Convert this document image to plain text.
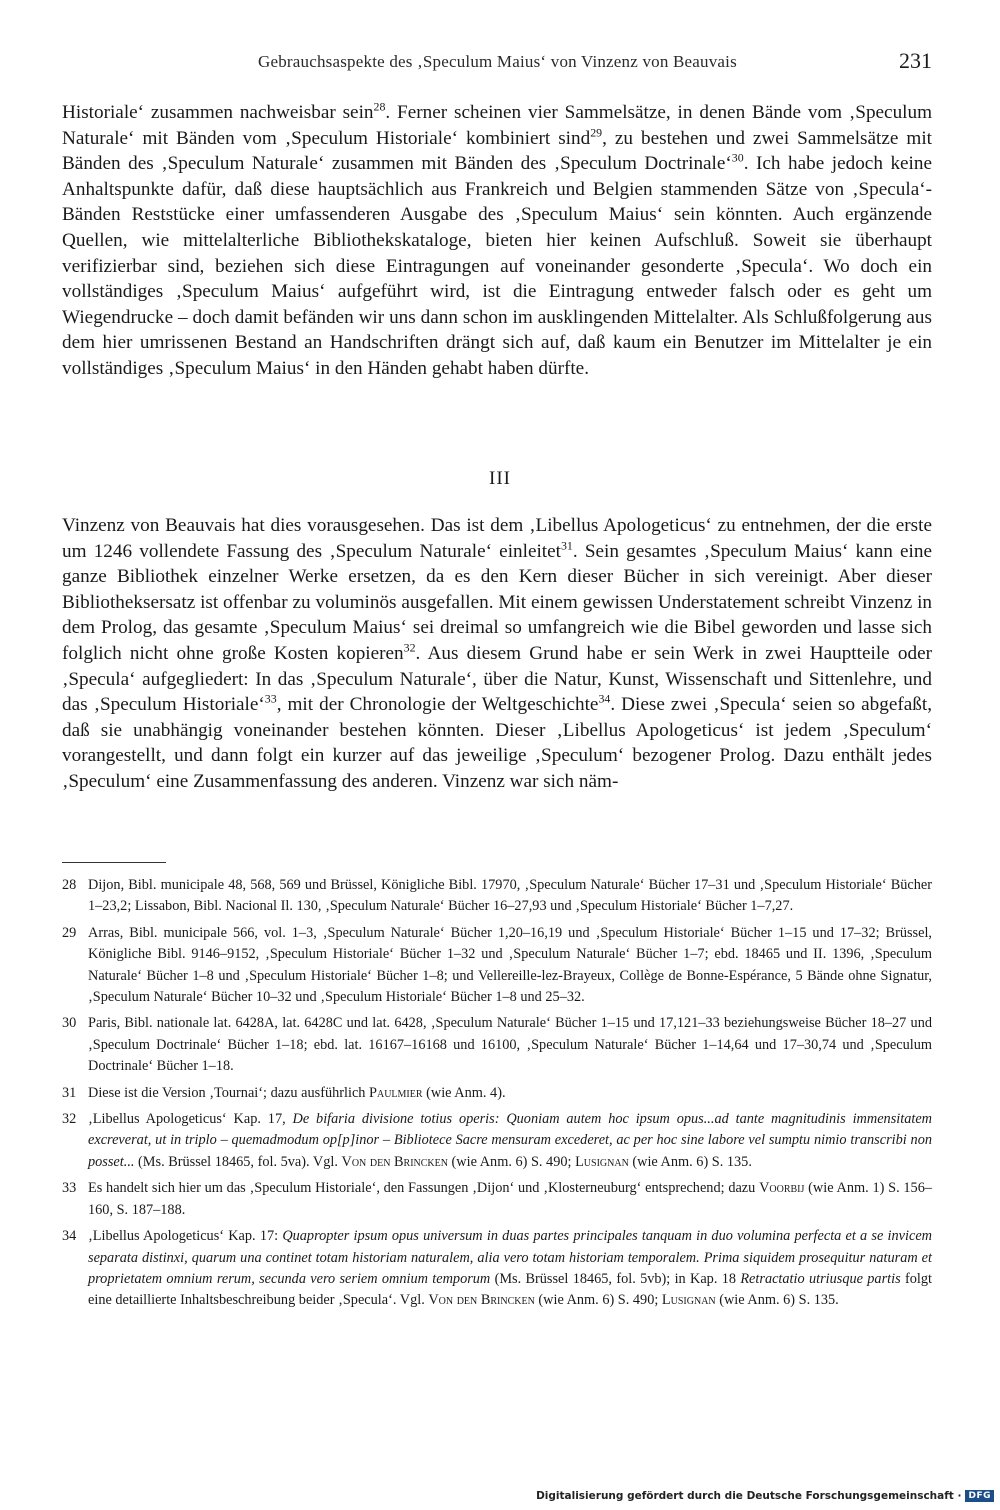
Gebrauchsaspekte des ‚Speculum Maius‘ von Vinzenz von Beauvais	231

Historiale‘ zusammen nachweisbar sein$^{28}$. Ferner scheinen vier Sammelsätze, in denen Bände vom ‚Speculum Naturale‘ mit Bänden vom ‚Speculum Historiale‘ kombiniert sind$^{29}$, zu bestehen und zwei Sammelsätze mit Bänden des ‚Speculum Naturale‘ zusammen mit Bänden des ‚Speculum Doctrinale‘$^{30}$. Ich habe jedoch keine Anhaltspunkte dafür, daß diese hauptsächlich aus Frankreich und Belgien stammenden Sätze von ‚Specula‘-Bänden Reststücke einer umfassenderen Ausgabe des ‚Speculum Maius‘ sein könnten. Auch ergänzende Quellen, wie mittelalterliche Bibliothekskataloge, bieten hier keinen Aufschluß. Soweit sie überhaupt verifizierbar sind, beziehen sich diese Eintragungen auf voneinander gesonderte ‚Specula‘. Wo doch ein vollständiges ‚Speculum Maius‘ aufgeführt wird, ist die Eintragung entweder falsch oder es geht um Wiegendrucke – doch damit befänden wir uns dann schon im ausklingenden Mittelalter. Als Schlußfolgerung aus dem hier umrissenen Bestand an Handschriften drängt sich auf, daß kaum ein Benutzer im Mittelalter je ein vollständiges ‚Speculum Maius‘ in den Händen gehabt haben dürfte.

III

Vinzenz von Beauvais hat dies vorausgesehen. Das ist dem ‚Libellus Apologeticus‘ zu entnehmen, der die erste um 1246 vollendete Fassung des ‚Speculum Naturale‘ einleitet$^{31}$. Sein gesamtes ‚Speculum Maius‘ kann eine ganze Bibliothek einzelner Werke ersetzen, da es den Kern dieser Bücher in sich vereinigt. Aber dieser Bibliotheksersatz ist offenbar zu voluminös ausgefallen. Mit einem gewissen Understatement schreibt Vinzenz in dem Prolog, das gesamte ‚Speculum Maius‘ sei dreimal so umfangreich wie die Bibel geworden und lasse sich folglich nicht ohne große Kosten kopieren$^{32}$. Aus diesem Grund habe er sein Werk in zwei Hauptteile oder ‚Specula‘ aufgegliedert: In das ‚Speculum Naturale‘, über die Natur, Kunst, Wissenschaft und Sittenlehre, und das ‚Speculum Historiale‘$^{33}$, mit der Chronologie der Weltgeschichte$^{34}$. Diese zwei ‚Specula‘ seien so abgefaßt, daß sie unabhängig voneinander bestehen könnten. Dieser ‚Libellus Apologeticus‘ ist jedem ‚Speculum‘ vorangestellt, und dann folgt ein kurzer auf das jeweilige ‚Speculum‘ bezogener Prolog. Dazu enthält jedes ‚Speculum‘ eine Zusammenfassung des anderen. Vinzenz war sich näm-

28 Dijon, Bibl. municipale 48, 568, 569 und Brüssel, Königliche Bibl. 17970, ‚Speculum Naturale‘ Bücher 17–31 und ‚Speculum Historiale‘ Bücher 1–23,2; Lissabon, Bibl. Nacional Il. 130, ‚Speculum Naturale‘ Bücher 16–27,93 und ‚Speculum Historiale‘ Bücher 1–7,27.
29 Arras, Bibl. municipale 566, vol. 1–3, ‚Speculum Naturale‘ Bücher 1,20–16,19 und ‚Speculum Historiale‘ Bücher 1–15 und 17–32; Brüssel, Königliche Bibl. 9146–9152, ‚Speculum Historiale‘ Bücher 1–32 und ‚Speculum Naturale‘ Bücher 1–7; ebd. 18465 und II. 1396, ‚Speculum Naturale‘ Bücher 1–8 und ‚Speculum Historiale‘ Bücher 1–8; und Vellereille-lez-Brayeux, Collège de Bonne-Espérance, 5 Bände ohne Signatur, ‚Speculum Naturale‘ Bücher 10–32 und ‚Speculum Historiale‘ Bücher 1–8 und 25–32.
30 Paris, Bibl. nationale lat. 6428A, lat. 6428C und lat. 6428, ‚Speculum Naturale‘ Bücher 1–15 und 17,121–33 beziehungsweise Bücher 18–27 und ‚Speculum Doctrinale‘ Bücher 1–18; ebd. lat. 16167–16168 und 16100, ‚Speculum Naturale‘ Bücher 1–14,64 und 17–30,74 und ‚Speculum Doctrinale‘ Bücher 1–18.
31 Diese ist die Version ‚Tournai‘; dazu ausführlich Paulmier (wie Anm. 4).
32 ‚Libellus Apologeticus‘ Kap. 17, De bifaria divisione totius operis: Quoniam autem hoc ipsum opus...ad tante magnitudinis immensitatem excreverat, ut in triplo – quemadmodum op[p]inor – Bibliotece Sacre mensuram excederet, ac per hoc sine labore vel sumptu nimio transcribi non posset... (Ms. Brüssel 18465, fol. 5va). Vgl. Von den Brincken (wie Anm. 6) S. 490; Lusignan (wie Anm. 6) S. 135.
33 Es handelt sich hier um das ‚Speculum Historiale‘, den Fassungen ‚Dijon‘ und ‚Klosterneuburg‘ entsprechend; dazu Voorbij (wie Anm. 1) S. 156–160, S. 187–188.
34 ‚Libellus Apologeticus‘ Kap. 17: Quapropter ipsum opus universum in duas partes principales tanquam in duo volumina perfecta et a se invicem separata distinxi, quarum una continet totam historiam naturalem, alia vero totam historiam temporalem. Prima siquidem prosequitur naturam et proprietatem omnium rerum, secunda vero seriem omnium temporum (Ms. Brüssel 18465, fol. 5vb); in Kap. 18 Retractatio utriusque partis folgt eine detaillierte Inhaltsbeschreibung beider ‚Specula‘. Vgl. Von den Brincken (wie Anm. 6) S. 490; Lusignan (wie Anm. 6) S. 135.
Digitalisierung gefördert durch die Deutsche Forschungsgemeinschaft · DFG
